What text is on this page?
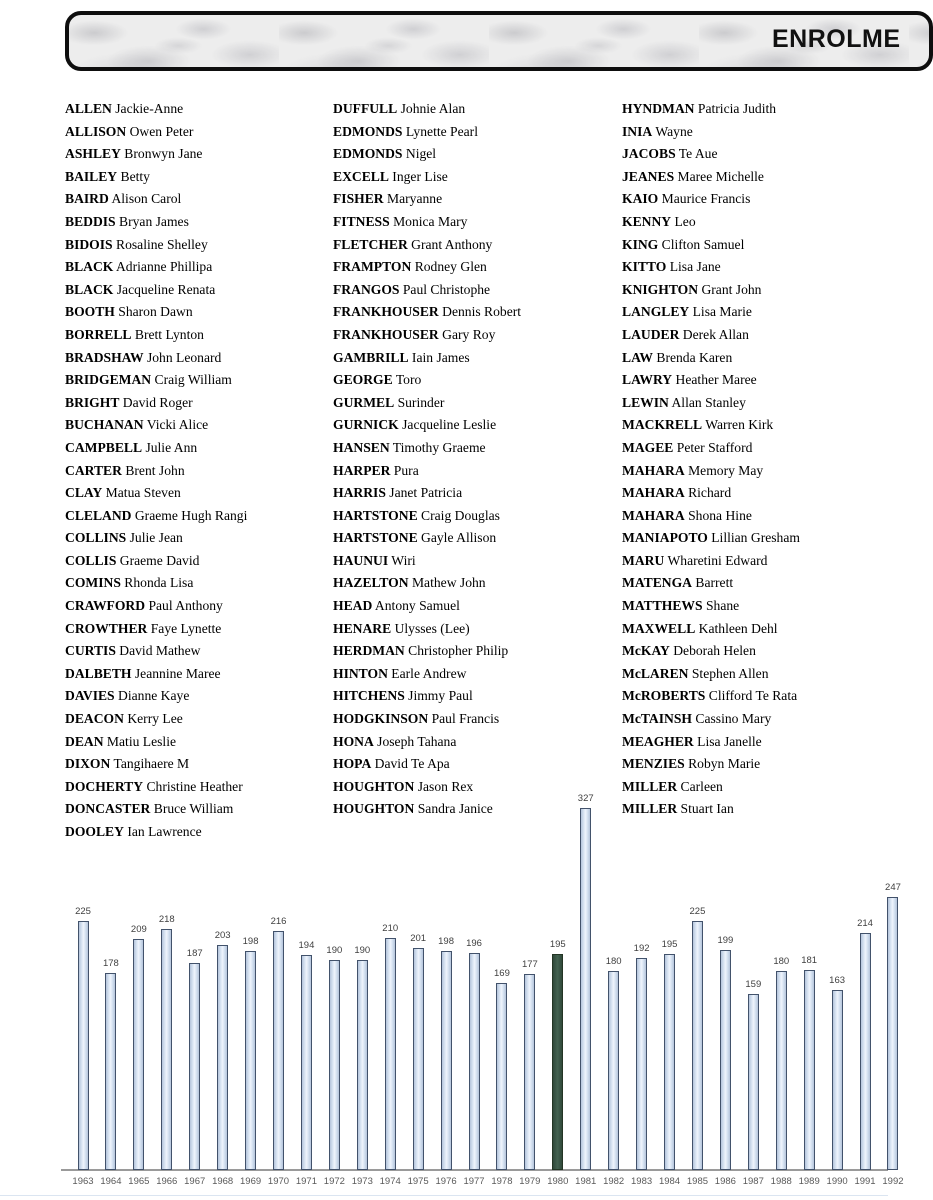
ENROLME
ALLEN Jackie-Anne
ALLISON Owen Peter
ASHLEY Bronwyn Jane
BAILEY Betty
BAIRD Alison Carol
BEDDIS Bryan James
BIDOIS Rosaline Shelley
BLACK Adrianne Phillipa
BLACK Jacqueline Renata
BOOTH Sharon Dawn
BORRELL Brett Lynton
BRADSHAW John Leonard
BRIDGEMAN Craig William
BRIGHT David Roger
BUCHANAN Vicki Alice
CAMPBELL Julie Ann
CARTER Brent John
CLAY Matua Steven
CLELAND Graeme Hugh Rangi
COLLINS Julie Jean
COLLIS Graeme David
COMINS Rhonda Lisa
CRAWFORD Paul Anthony
CROWTHER Faye Lynette
CURTIS David Mathew
DALBETH Jeannine Maree
DAVIES Dianne Kaye
DEACON Kerry Lee
DEAN Matiu Leslie
DIXON Tangihaere M
DOCHERTY Christine Heather
DONCASTER Bruce William
DOOLEY Ian Lawrence
DUFFULL Johnie Alan
EDMONDS Lynette Pearl
EDMONDS Nigel
EXCELL Inger Lise
FISHER Maryanne
FITNESS Monica Mary
FLETCHER Grant Anthony
FRAMPTON Rodney Glen
FRANGOS Paul Christophe
FRANKHOUSER Dennis Robert
FRANKHOUSER Gary Roy
GAMBRILL Iain James
GEORGE Toro
GURMEL Surinder
GURNICK Jacqueline Leslie
HANSEN Timothy Graeme
HARPER Pura
HARRIS Janet Patricia
HARTSTONE Craig Douglas
HARTSTONE Gayle Allison
HAUNUI Wiri
HAZELTON Mathew John
HEAD Antony Samuel
HENARE Ulysses (Lee)
HERDMAN Christopher Philip
HINTON Earle Andrew
HITCHENS Jimmy Paul
HODGKINSON Paul Francis
HONA Joseph Tahana
HOPA David Te Apa
HOUGHTON Jason Rex
HOUGHTON Sandra Janice
HYNDMAN Patricia Judith
INIA Wayne
JACOBS Te Aue
JEANES Maree Michelle
KAIO Maurice Francis
KENNY Leo
KING Clifton Samuel
KITTO Lisa Jane
KNIGHTON Grant John
LANGLEY Lisa Marie
LAUDER Derek Allan
LAW Brenda Karen
LAWRY Heather Maree
LEWIN Allan Stanley
MACKRELL Warren Kirk
MAGEE Peter Stafford
MAHARA Memory May
MAHARA Richard
MAHARA Shona Hine
MANIAPOTO Lillian Gresham
MARU Wharetini Edward
MATENGA Barrett
MATTHEWS Shane
MAXWELL Kathleen Dehl
McKAY Deborah Helen
McLAREN Stephen Allen
McROBERTS Clifford Te Rata
McTAINSH Cassino Mary
MEAGHER Lisa Janelle
MENZIES Robyn Marie
MILLER Carleen
MILLER Stuart Ian
225
1963
178
1964
209
1965
218
1966
187
1967
203
1968
198
1969
216
1970
194
1971
190
1972
190
1973
210
1974
201
1975
198
1976
196
1977
169
1978
177
1979
195
1980
327
1981
180
1982
192
1983
195
1984
225
1985
199
1986
159
1987
180
1988
181
1989
163
1990
214
1991
247
1992
